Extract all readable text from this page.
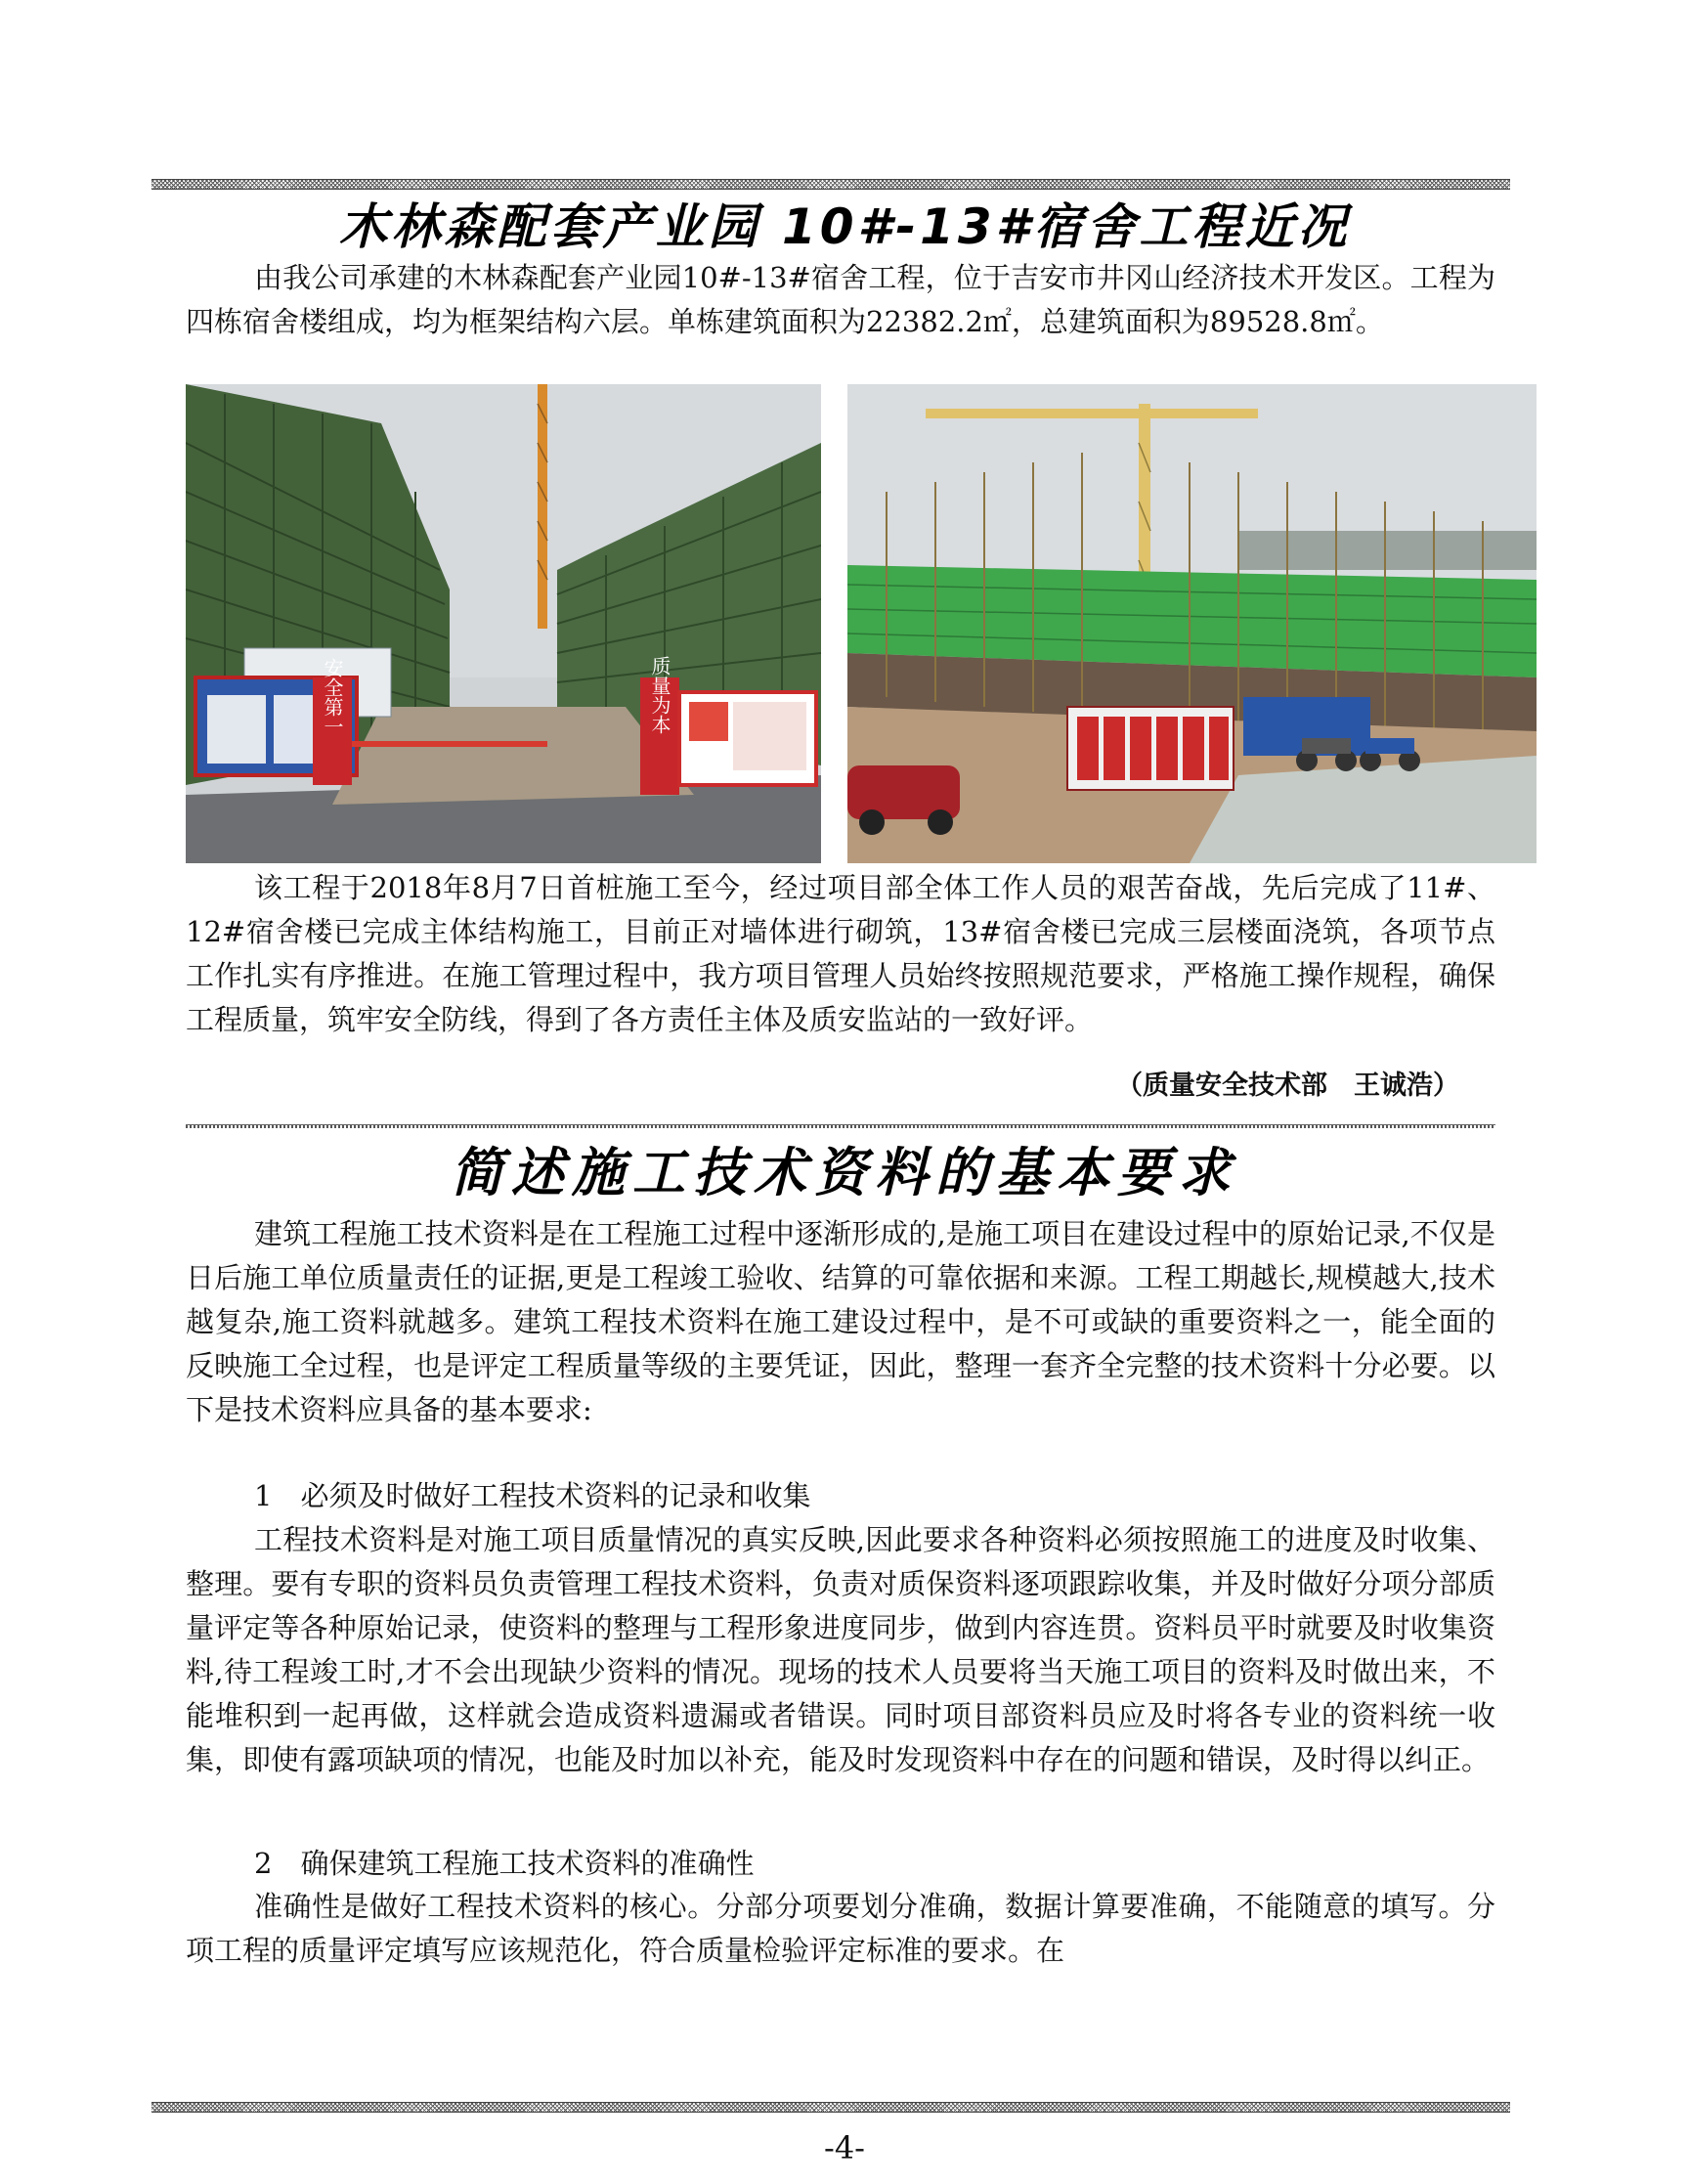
木林森配套产业园 10#-13#宿舍工程近况

由我公司承建的木林森配套产业园10#-13#宿舍工程，位于吉安市井冈山经济技术开发区。工程为四栋宿舍楼组成，均为框架结构六层。单栋建筑面积为22382.2㎡，总建筑面积为89528.8㎡。

安全第一	质量为本

该工程于2018年8月7日首桩施工至今，经过项目部全体工作人员的艰苦奋战，先后完成了11#、12#宿舍楼已完成主体结构施工，目前正对墙体进行砌筑，13#宿舍楼已完成三层楼面浇筑，各项节点工作扎实有序推进。在施工管理过程中，我方项目管理人员始终按照规范要求，严格施工操作规程，确保工程质量，筑牢安全防线，得到了各方责任主体及质安监站的一致好评。

（质量安全技术部　王诚浩）
简述施工技术资料的基本要求

建筑工程施工技术资料是在工程施工过程中逐渐形成的,是施工项目在建设过程中的原始记录,不仅是日后施工单位质量责任的证据,更是工程竣工验收、结算的可靠依据和来源。工程工期越长,规模越大,技术越复杂,施工资料就越多。建筑工程技术资料在施工建设过程中，是不可或缺的重要资料之一，能全面的反映施工全过程，也是评定工程质量等级的主要凭证，因此，整理一套齐全完整的技术资料十分必要。以下是技术资料应具备的基本要求:

1　必须及时做好工程技术资料的记录和收集

工程技术资料是对施工项目质量情况的真实反映,因此要求各种资料必须按照施工的进度及时收集、整理。要有专职的资料员负责管理工程技术资料，负责对质保资料逐项跟踪收集，并及时做好分项分部质量评定等各种原始记录，使资料的整理与工程形象进度同步，做到内容连贯。资料员平时就要及时收集资料,待工程竣工时,才不会出现缺少资料的情况。现场的技术人员要将当天施工项目的资料及时做出来，不能堆积到一起再做，这样就会造成资料遗漏或者错误。同时项目部资料员应及时将各专业的资料统一收集，即使有露项缺项的情况，也能及时加以补充，能及时发现资料中存在的问题和错误，及时得以纠正。

2　确保建筑工程施工技术资料的准确性

准确性是做好工程技术资料的核心。分部分项要划分准确，数据计算要准确，不能随意的填写。分项工程的质量评定填写应该规范化，符合质量检验评定标准的要求。在

-4-
